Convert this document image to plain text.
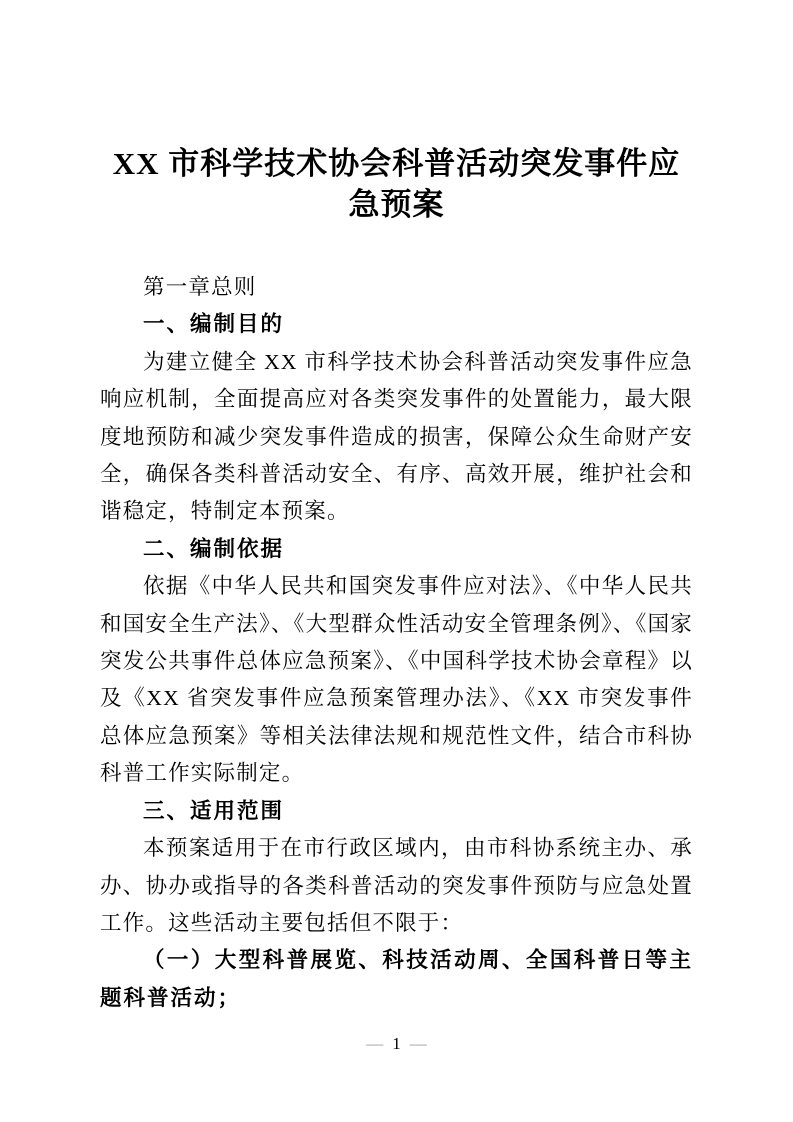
XX 市科学技术协会科普活动突发事件应
急预案

第一章总则

一、编制目的

为建立健全 XX 市科学技术协会科普活动突发事件应急响应机制，全面提高应对各类突发事件的处置能力，最大限度地预防和减少突发事件造成的损害，保障公众生命财产安全，确保各类科普活动安全、有序、高效开展，维护社会和谐稳定，特制定本预案。

二、编制依据

依据《中华人民共和国突发事件应对法》、《中华人民共和国安全生产法》、《大型群众性活动安全管理条例》、《国家突发公共事件总体应急预案》、《中国科学技术协会章程》以及《XX 省突发事件应急预案管理办法》、《XX 市突发事件总体应急预案》等相关法律法规和规范性文件，结合市科协科普工作实际制定。

三、适用范围

本预案适用于在市行政区域内，由市科协系统主办、承办、协办或指导的各类科普活动的突发事件预防与应急处置工作。这些活动主要包括但不限于：

（一）大型科普展览、科技活动周、全国科普日等主题科普活动；

— 1 —
